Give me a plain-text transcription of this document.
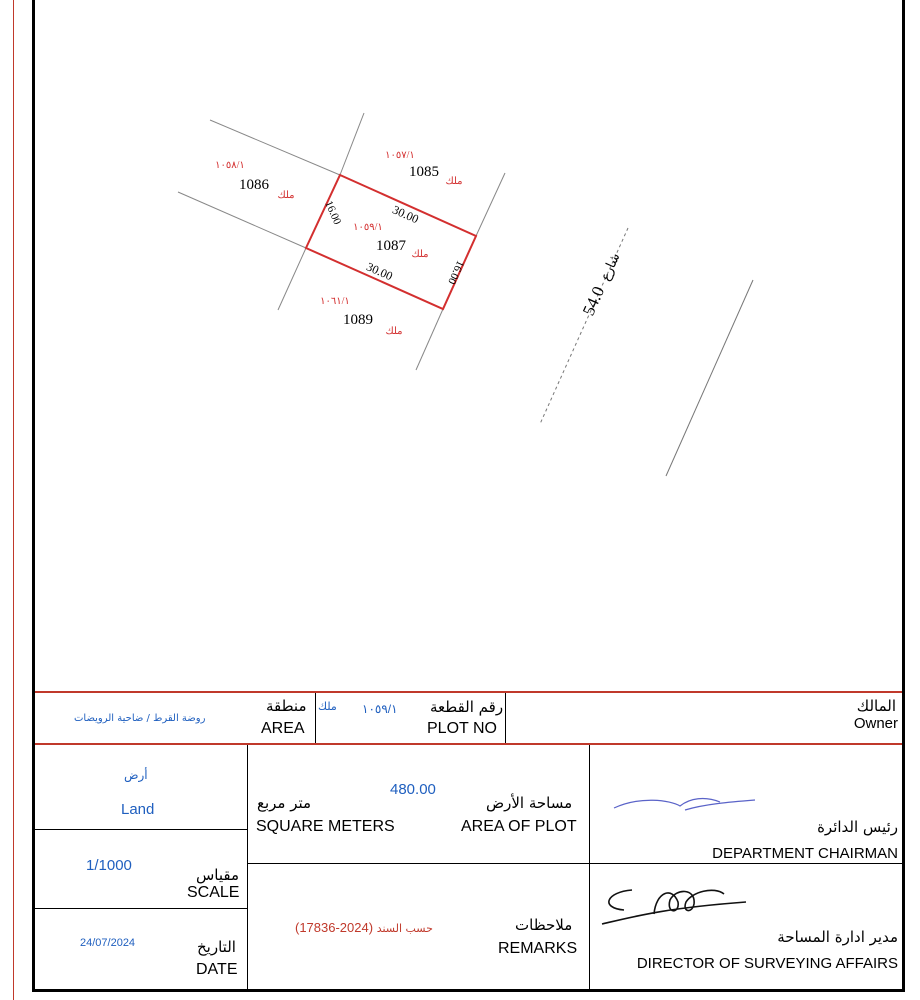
30.00
30.00
16.00
16.00
١٠٥٧/١
1085
ملك
١٠٥٨/١
1086
ملك
١٠٥٩/١
1087
ملك
١٠٦١/١
1089
ملك
54.0
شارع
المالك
Owner
رقم القطعة
PLOT NO
١٠٥٩/١
ملك
منطقة
AREA
روضة القرط / ضاحية الرويضات
أرض
Land
1/1000
مقياس
SCALE
24/07/2024	التاريخ
DATE
480.00
متر مربع
SQUARE METERS
مساحة الأرض
AREA OF PLOT
(17836-2024) حسب السند	ملاحظات
REMARKS
رئيس الدائرة
DEPARTMENT CHAIRMAN
مدير ادارة المساحة
DIRECTOR OF SURVEYING AFFAIRS
